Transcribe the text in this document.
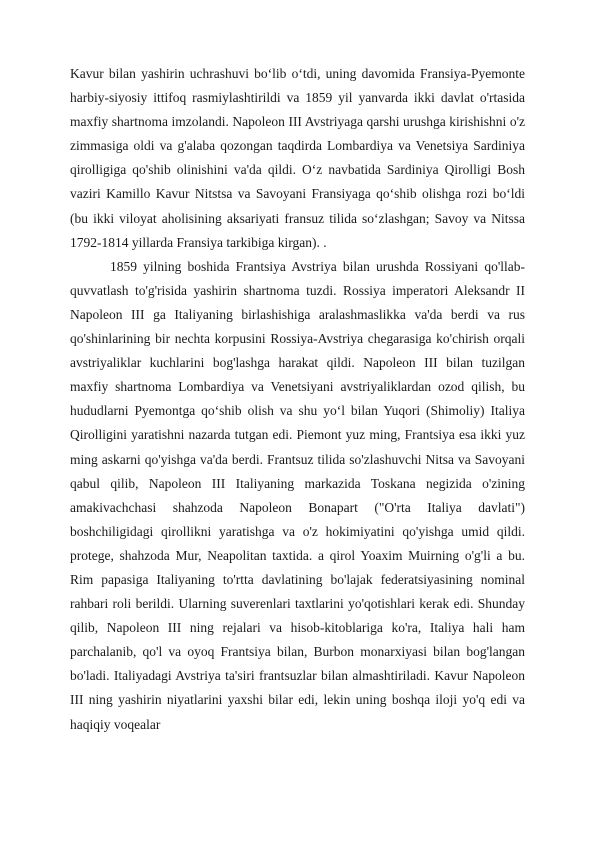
Kavur bilan yashirin uchrashuvi bo‘lib o‘tdi, uning davomida Fransiya-Pyemonte harbiy-siyosiy ittifoq rasmiylashtirildi va 1859 yil yanvarda ikki davlat o'rtasida maxfiy shartnoma imzolandi. Napoleon III Avstriyaga qarshi urushga kirishishni o'z zimmasiga oldi va g'alaba qozongan taqdirda Lombardiya va Venetsiya Sardiniya qirolligiga qo'shib olinishini va'da qildi. O‘z navbatida Sardiniya Qirolligi Bosh vaziri Kamillo Kavur Nitstsa va Savoyani Fransiyaga qo‘shib olishga rozi bo‘ldi (bu ikki viloyat aholisining aksariyati fransuz tilida so‘zlashgan; Savoy va Nitssa 1792-1814 yillarda Fransiya tarkibiga kirgan). .

1859 yilning boshida Frantsiya Avstriya bilan urushda Rossiyani qo'llab-quvvatlash to'g'risida yashirin shartnoma tuzdi. Rossiya imperatori Aleksandr II Napoleon III ga Italiyaning birlashishiga aralashmaslikka va'da berdi va rus qo'shinlarining bir nechta korpusini Rossiya-Avstriya chegarasiga ko'chirish orqali avstriyaliklar kuchlarini bog'lashga harakat qildi. Napoleon III bilan tuzilgan maxfiy shartnoma Lombardiya va Venetsiyani avstriyaliklardan ozod qilish, bu hududlarni Pyemontga qo‘shib olish va shu yo‘l bilan Yuqori (Shimoliy) Italiya Qirolligini yaratishni nazarda tutgan edi. Piemont yuz ming, Frantsiya esa ikki yuz ming askarni qo'yishga va'da berdi. Frantsuz tilida so'zlashuvchi Nitsa va Savoyani qabul qilib, Napoleon III Italiyaning markazida Toskana negizida o'zining amakivachchasi shahzoda Napoleon Bonapart ("O'rta Italiya davlati") boshchiligidagi qirollikni yaratishga va o'z hokimiyatini qo'yishga umid qildi. protege, shahzoda Mur, Neapolitan taxtida. a qirol Yoaxim Muirning o'g'li a bu. Rim papasiga Italiyaning to'rtta davlatining bo'lajak federatsiyasining nominal rahbari roli berildi. Ularning suverenlari taxtlarini yo'qotishlari kerak edi. Shunday qilib, Napoleon III ning rejalari va hisob-kitoblariga ko'ra, Italiya hali ham parchalanib, qo'l va oyoq Frantsiya bilan, Burbon monarxiyasi bilan bog'langan bo'ladi. Italiyadagi Avstriya ta'siri frantsuzlar bilan almashtiriladi. Kavur Napoleon III ning yashirin niyatlarini yaxshi bilar edi, lekin uning boshqa iloji yo'q edi va haqiqiy voqealar
